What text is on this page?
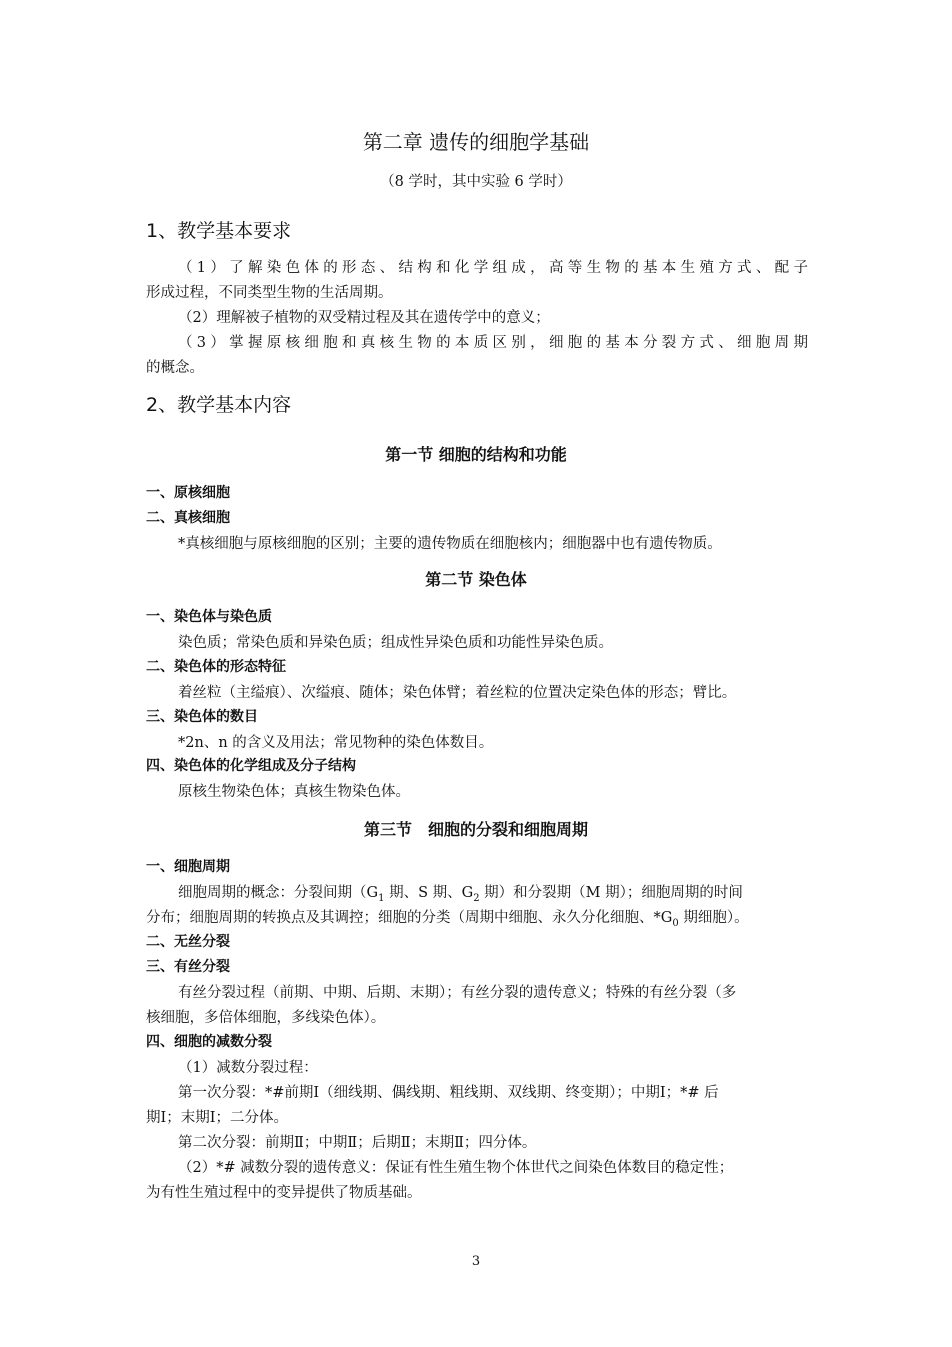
第二章 遗传的细胞学基础
（8 学时，其中实验 6 学时）
1、教学基本要求
（1）了解染色体的形态、结构和化学组成，高等生物的基本生殖方式、配子
形成过程，不同类型生物的生活周期。
（2）理解被子植物的双受精过程及其在遗传学中的意义；
（3）掌握原核细胞和真核生物的本质区别，细胞的基本分裂方式、细胞周期
的概念。
2、教学基本内容
第一节 细胞的结构和功能
一、原核细胞
二、真核细胞
*真核细胞与原核细胞的区别；主要的遗传物质在细胞核内；细胞器中也有遗传物质。
第二节 染色体
一、染色体与染色质
染色质；常染色质和异染色质；组成性异染色质和功能性异染色质。
二、染色体的形态特征
着丝粒（主缢痕）、次缢痕、随体；染色体臂；着丝粒的位置决定染色体的形态；臂比。
三、染色体的数目
*2n、n 的含义及用法；常见物种的染色体数目。
四、染色体的化学组成及分子结构
原核生物染色体；真核生物染色体。
第三节　细胞的分裂和细胞周期
一、细胞周期
细胞周期的概念：分裂间期（$G_1$ 期、S 期、$G_2$ 期）和分裂期（M 期）；细胞周期的时间
分布；细胞周期的转换点及其调控；细胞的分类（周期中细胞、永久分化细胞、$*G_0$ 期细胞）。
二、无丝分裂
三、有丝分裂
有丝分裂过程（前期、中期、后期、末期）；有丝分裂的遗传意义；特殊的有丝分裂（多
核细胞，多倍体细胞，多线染色体）。
四、细胞的减数分裂
（1）减数分裂过程：
第一次分裂：*#前期Ⅰ（细线期、偶线期、粗线期、双线期、终变期）；中期Ⅰ；*# 后
期Ⅰ；末期Ⅰ；二分体。
第二次分裂：前期Ⅱ；中期Ⅱ；后期Ⅱ；末期Ⅱ；四分体。
（2）*# 减数分裂的遗传意义：保证有性生殖生物个体世代之间染色体数目的稳定性；
为有性生殖过程中的变异提供了物质基础。
3
